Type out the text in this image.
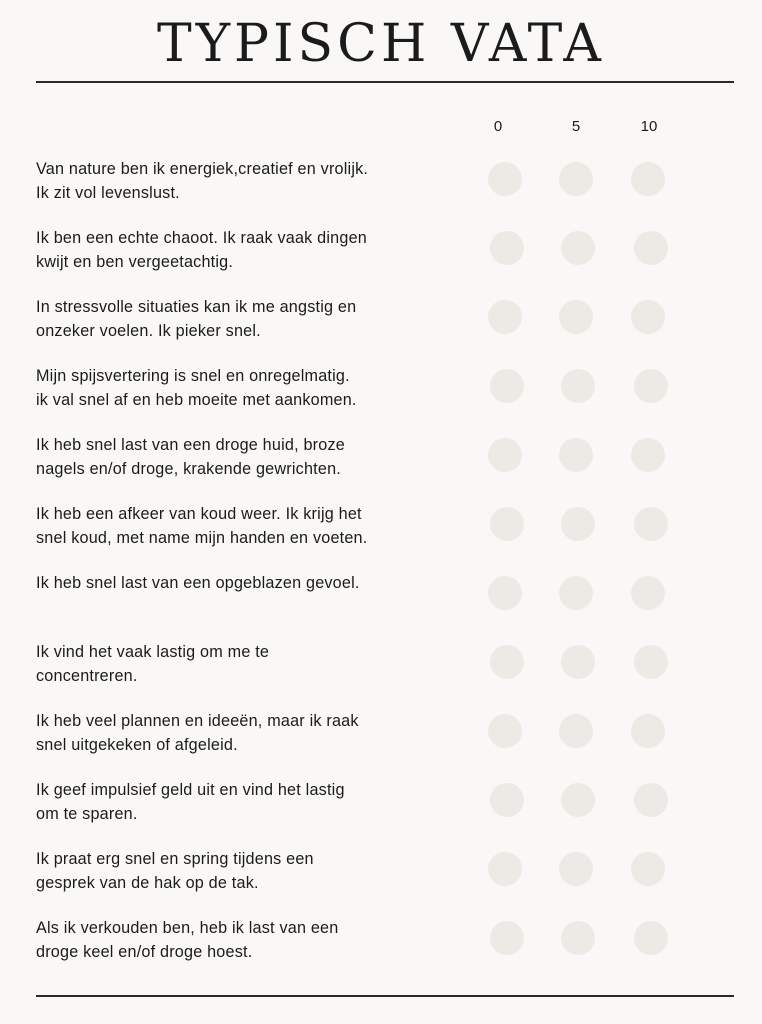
TYPISCH VATA
0	5	10
Van nature ben ik energiek,creatief en vrolijk.
Ik zit vol levenslust.
Ik ben een echte chaoot. Ik raak vaak dingen
kwijt en ben vergeetachtig.
In stressvolle situaties kan ik me angstig en
onzeker voelen. Ik pieker snel.
Mijn spijsvertering is snel en onregelmatig.
ik val snel af en heb moeite met aankomen.
Ik heb snel last van een droge huid, broze
nagels en/of droge, krakende gewrichten.
Ik heb een afkeer van koud weer. Ik krijg het
snel koud, met name mijn handen en voeten.
Ik heb snel last van een opgeblazen gevoel.
Ik vind het vaak lastig om me te
concentreren.
Ik heb veel plannen en ideeën, maar ik raak
snel uitgekeken of afgeleid.
Ik geef impulsief geld uit en vind het lastig
om te sparen.
Ik praat erg snel en spring tijdens een
gesprek van de hak op de tak.
Als ik verkouden ben, heb ik last van een
droge keel en/of droge hoest.
